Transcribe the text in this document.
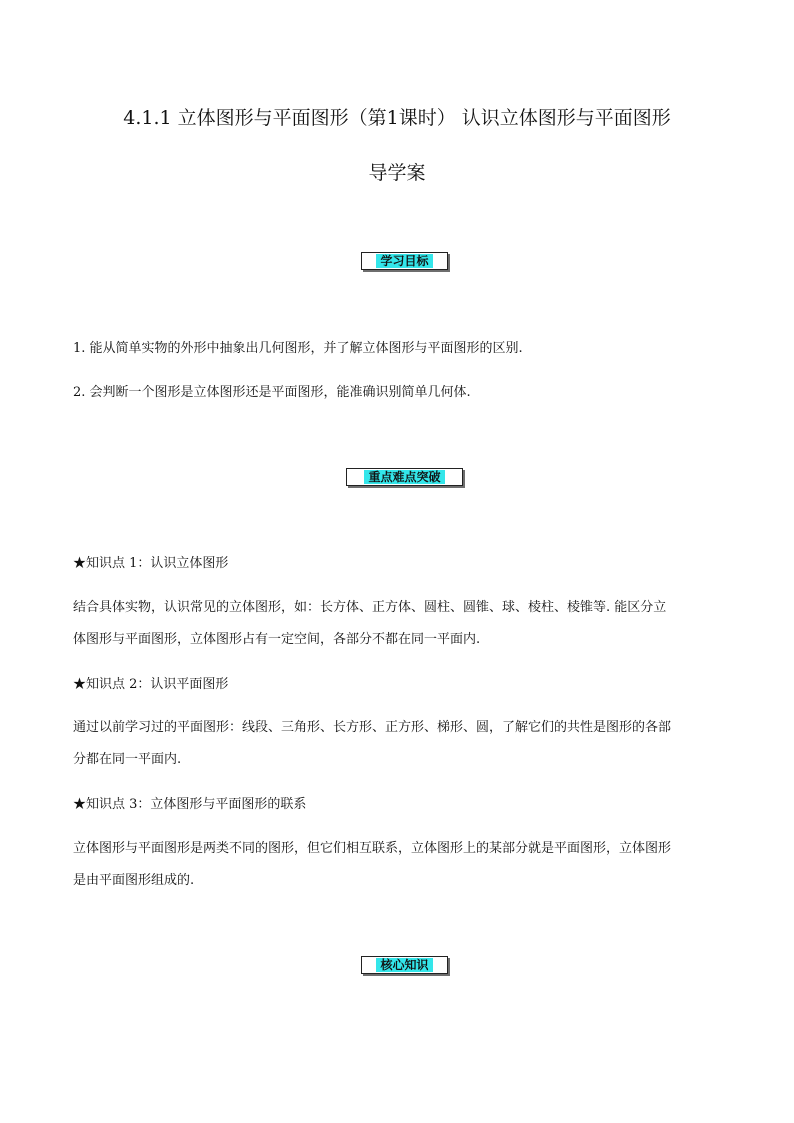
4.1.1 立体图形与平面图形（第1课时） 认识立体图形与平面图形
导学案
学习目标
1. 能从简单实物的外形中抽象出几何图形，并了解立体图形与平面图形的区别.
2. 会判断一个图形是立体图形还是平面图形，能准确识别简单几何体.
重点难点突破
★知识点 1：认识立体图形
结合具体实物，认识常见的立体图形，如：长方体、正方体、圆柱、圆锥、球、棱柱、棱锥等. 能区分立
体图形与平面图形，立体图形占有一定空间，各部分不都在同一平面内.
★知识点 2：认识平面图形
通过以前学习过的平面图形：线段、三角形、长方形、正方形、梯形、圆，了解它们的共性是图形的各部
分都在同一平面内.
★知识点 3：立体图形与平面图形的联系
立体图形与平面图形是两类不同的图形，但它们相互联系，立体图形上的某部分就是平面图形，立体图形
是由平面图形组成的.
核心知识
